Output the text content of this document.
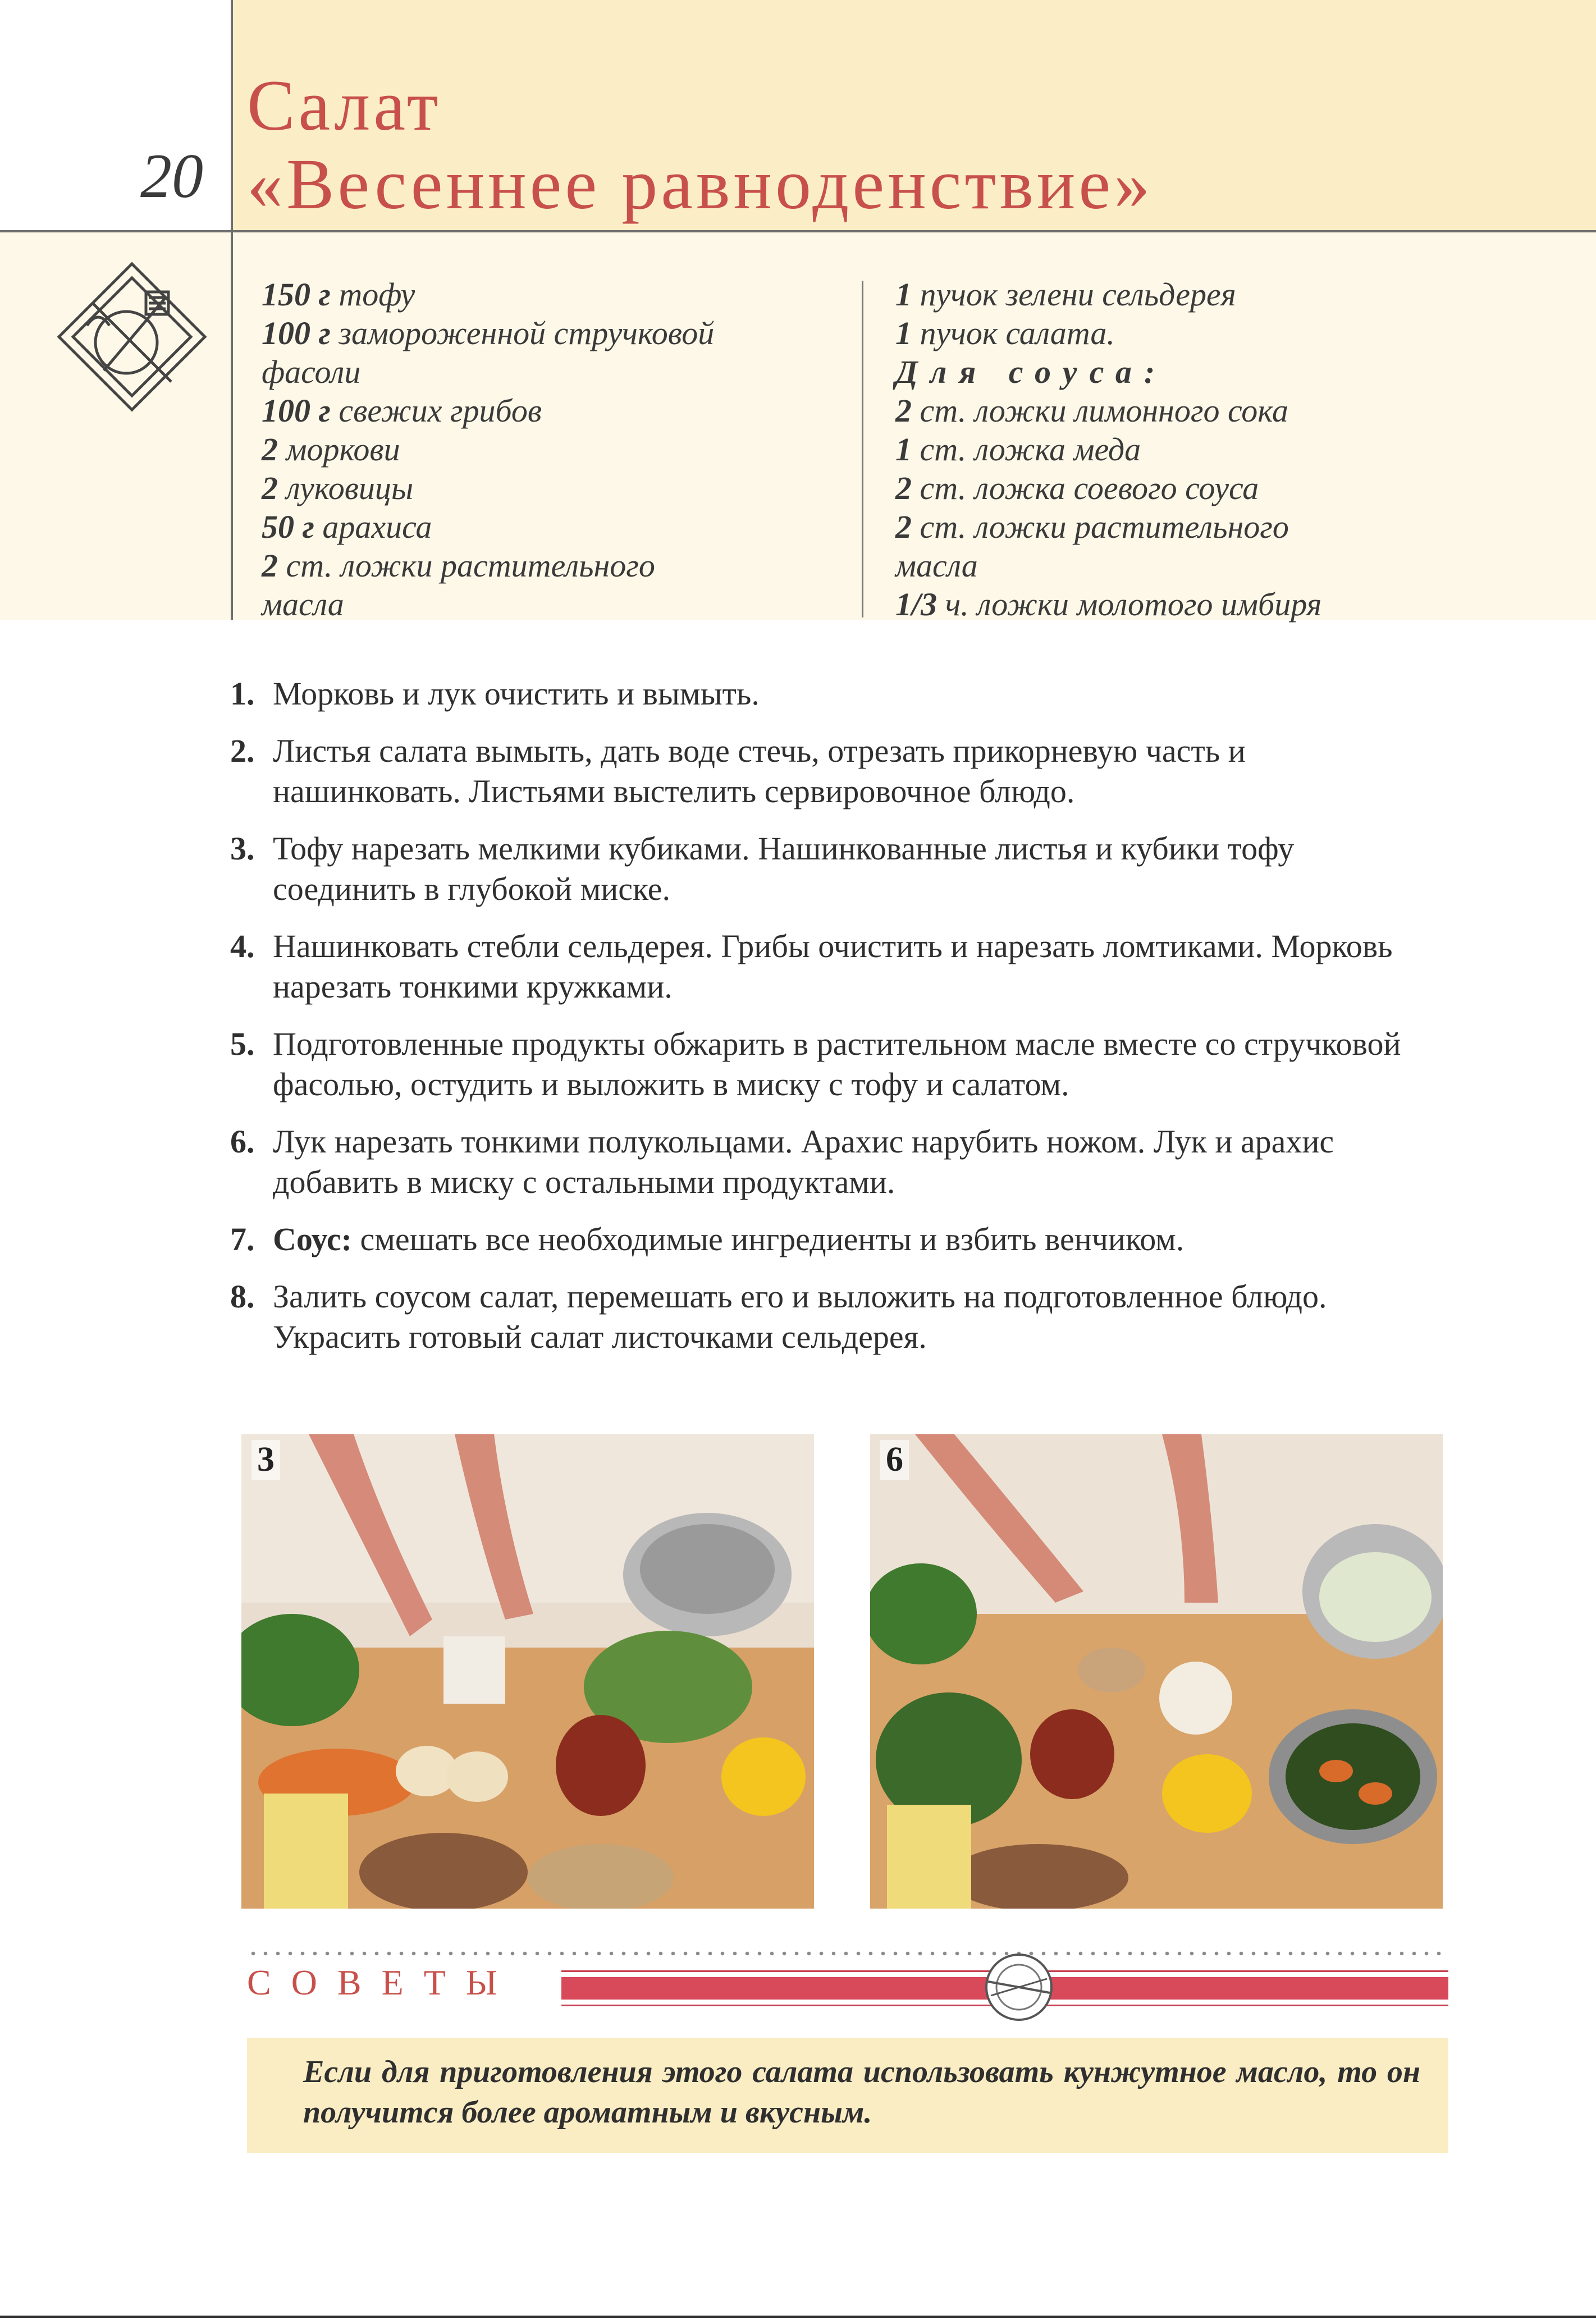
20
Салат
«Весеннее равноденствие»
150 г тофу
100 г замороженной стручковой
фасоли
100 г свежих грибов
2 моркови
2 луковицы
50 г арахиса
2 ст. ложки растительного
масла
1 пучок зелени сельдерея
1 пучок салата.
Для соуса:
2 ст. ложки лимонного сока
1 ст. ложка меда
2 ст. ложка соевого соуса
2 ст. ложки растительного
масла
1/3 ч. ложки молотого имбиря
1. Морковь и лук очистить и вымыть.
2. Листья салата вымыть, дать воде стечь, отрезать прикорневую часть и нашинковать. Листьями выстелить сервировочное блюдо.
3. Тофу нарезать мелкими кубиками. Нашинкованные листья и кубики тофу соединить в глубокой миске.
4. Нашинковать стебли сельдерея. Грибы очистить и нарезать ломтиками. Морковь нарезать тонкими кружками.
5. Подготовленные продукты обжарить в растительном масле вместе со стручковой фасолью, остудить и выложить в миску с тофу и салатом.
6. Лук нарезать тонкими полукольцами. Арахис нарубить ножом. Лук и арахис добавить в миску с остальными продуктами.
7. Соус: смешать все необходимые ингредиенты и взбить венчиком.
8. Залить соусом салат, перемешать его и выложить на подготовленное блюдо. Украсить готовый салат листочками сельдерея.
3	6
СОВЕТЫ
Если для приготовления этого салата использовать кунжутное масло, то он получится более ароматным и вкусным.
